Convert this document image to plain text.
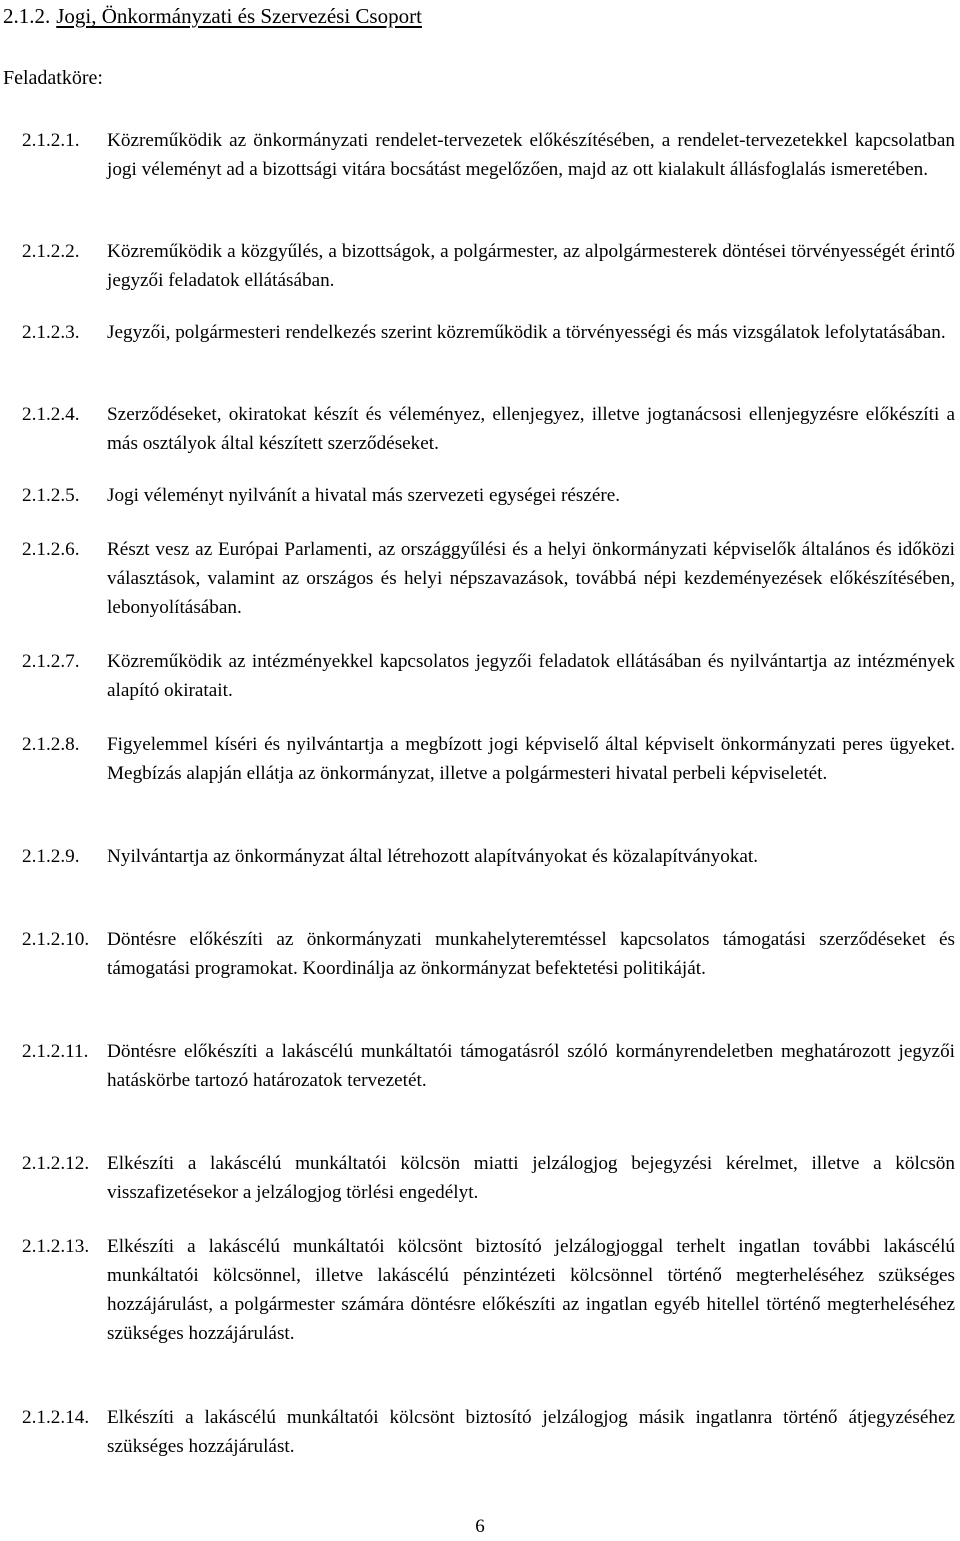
2.1.2. Jogi, Önkormányzati és Szervezési Csoport
Feladatköre:
2.1.2.1.	Közreműködik az önkormányzati rendelet-tervezetek előkészítésében, a rendelet-tervezetekkel kapcsolatban jogi véleményt ad a bizottsági vitára bocsátást megelőzően, majd az ott kialakult állásfoglalás ismeretében.
2.1.2.2.	Közreműködik a közgyűlés, a bizottságok, a polgármester, az alpolgármesterek döntései törvényességét érintő jegyzői feladatok ellátásában.
2.1.2.3.	Jegyzői, polgármesteri rendelkezés szerint közreműködik a törvényességi és más vizsgálatok lefolytatásában.
2.1.2.4.	Szerződéseket, okiratokat készít és véleményez, ellenjegyez, illetve jogtanácsosi ellenjegyzésre előkészíti a más osztályok által készített szerződéseket.
2.1.2.5.	Jogi véleményt nyilvánít a hivatal más szervezeti egységei részére.
2.1.2.6.	Részt vesz az Európai Parlamenti, az országgyűlési és a helyi önkormányzati képviselők általános és időközi választások, valamint az országos és helyi népszavazások, továbbá népi kezdeményezések előkészítésében, lebonyolításában.
2.1.2.7.	Közreműködik az intézményekkel kapcsolatos jegyzői feladatok ellátásában és nyilvántartja az intézmények alapító okiratait.
2.1.2.8.	Figyelemmel kíséri és nyilvántartja a megbízott jogi képviselő által képviselt önkormányzati peres ügyeket. Megbízás alapján ellátja az önkormányzat, illetve a polgármesteri hivatal perbeli képviseletét.
2.1.2.9.	Nyilvántartja az önkormányzat által létrehozott alapítványokat és közalapítványokat.
2.1.2.10. Döntésre előkészíti az önkormányzati munkahelyteremtéssel kapcsolatos támogatási szerződéseket és támogatási programokat. Koordinálja az önkormányzat befektetési politikáját.
2.1.2.11. Döntésre előkészíti a lakáscélú munkáltatói támogatásról szóló kormányrendeletben meghatározott jegyzői hatáskörbe tartozó határozatok tervezetét.
2.1.2.12. Elkészíti a lakáscélú munkáltatói kölcsön miatti jelzálogjog bejegyzési kérelmet, illetve a kölcsön visszafizetésekor a jelzálogjog törlési engedélyt.
2.1.2.13. Elkészíti a lakáscélú munkáltatói kölcsönt biztosító jelzálogjoggal terhelt ingatlan további lakáscélú munkáltatói kölcsönnel, illetve lakáscélú pénzintézeti kölcsönnel történő megterheléséhez szükséges hozzájárulást, a polgármester számára döntésre előkészíti az ingatlan egyéb hitellel történő megterheléséhez szükséges hozzájárulást.
2.1.2.14. Elkészíti a lakáscélú munkáltatói kölcsönt biztosító jelzálogjog másik ingatlanra történő átjegyzéséhez szükséges hozzájárulást.
6
